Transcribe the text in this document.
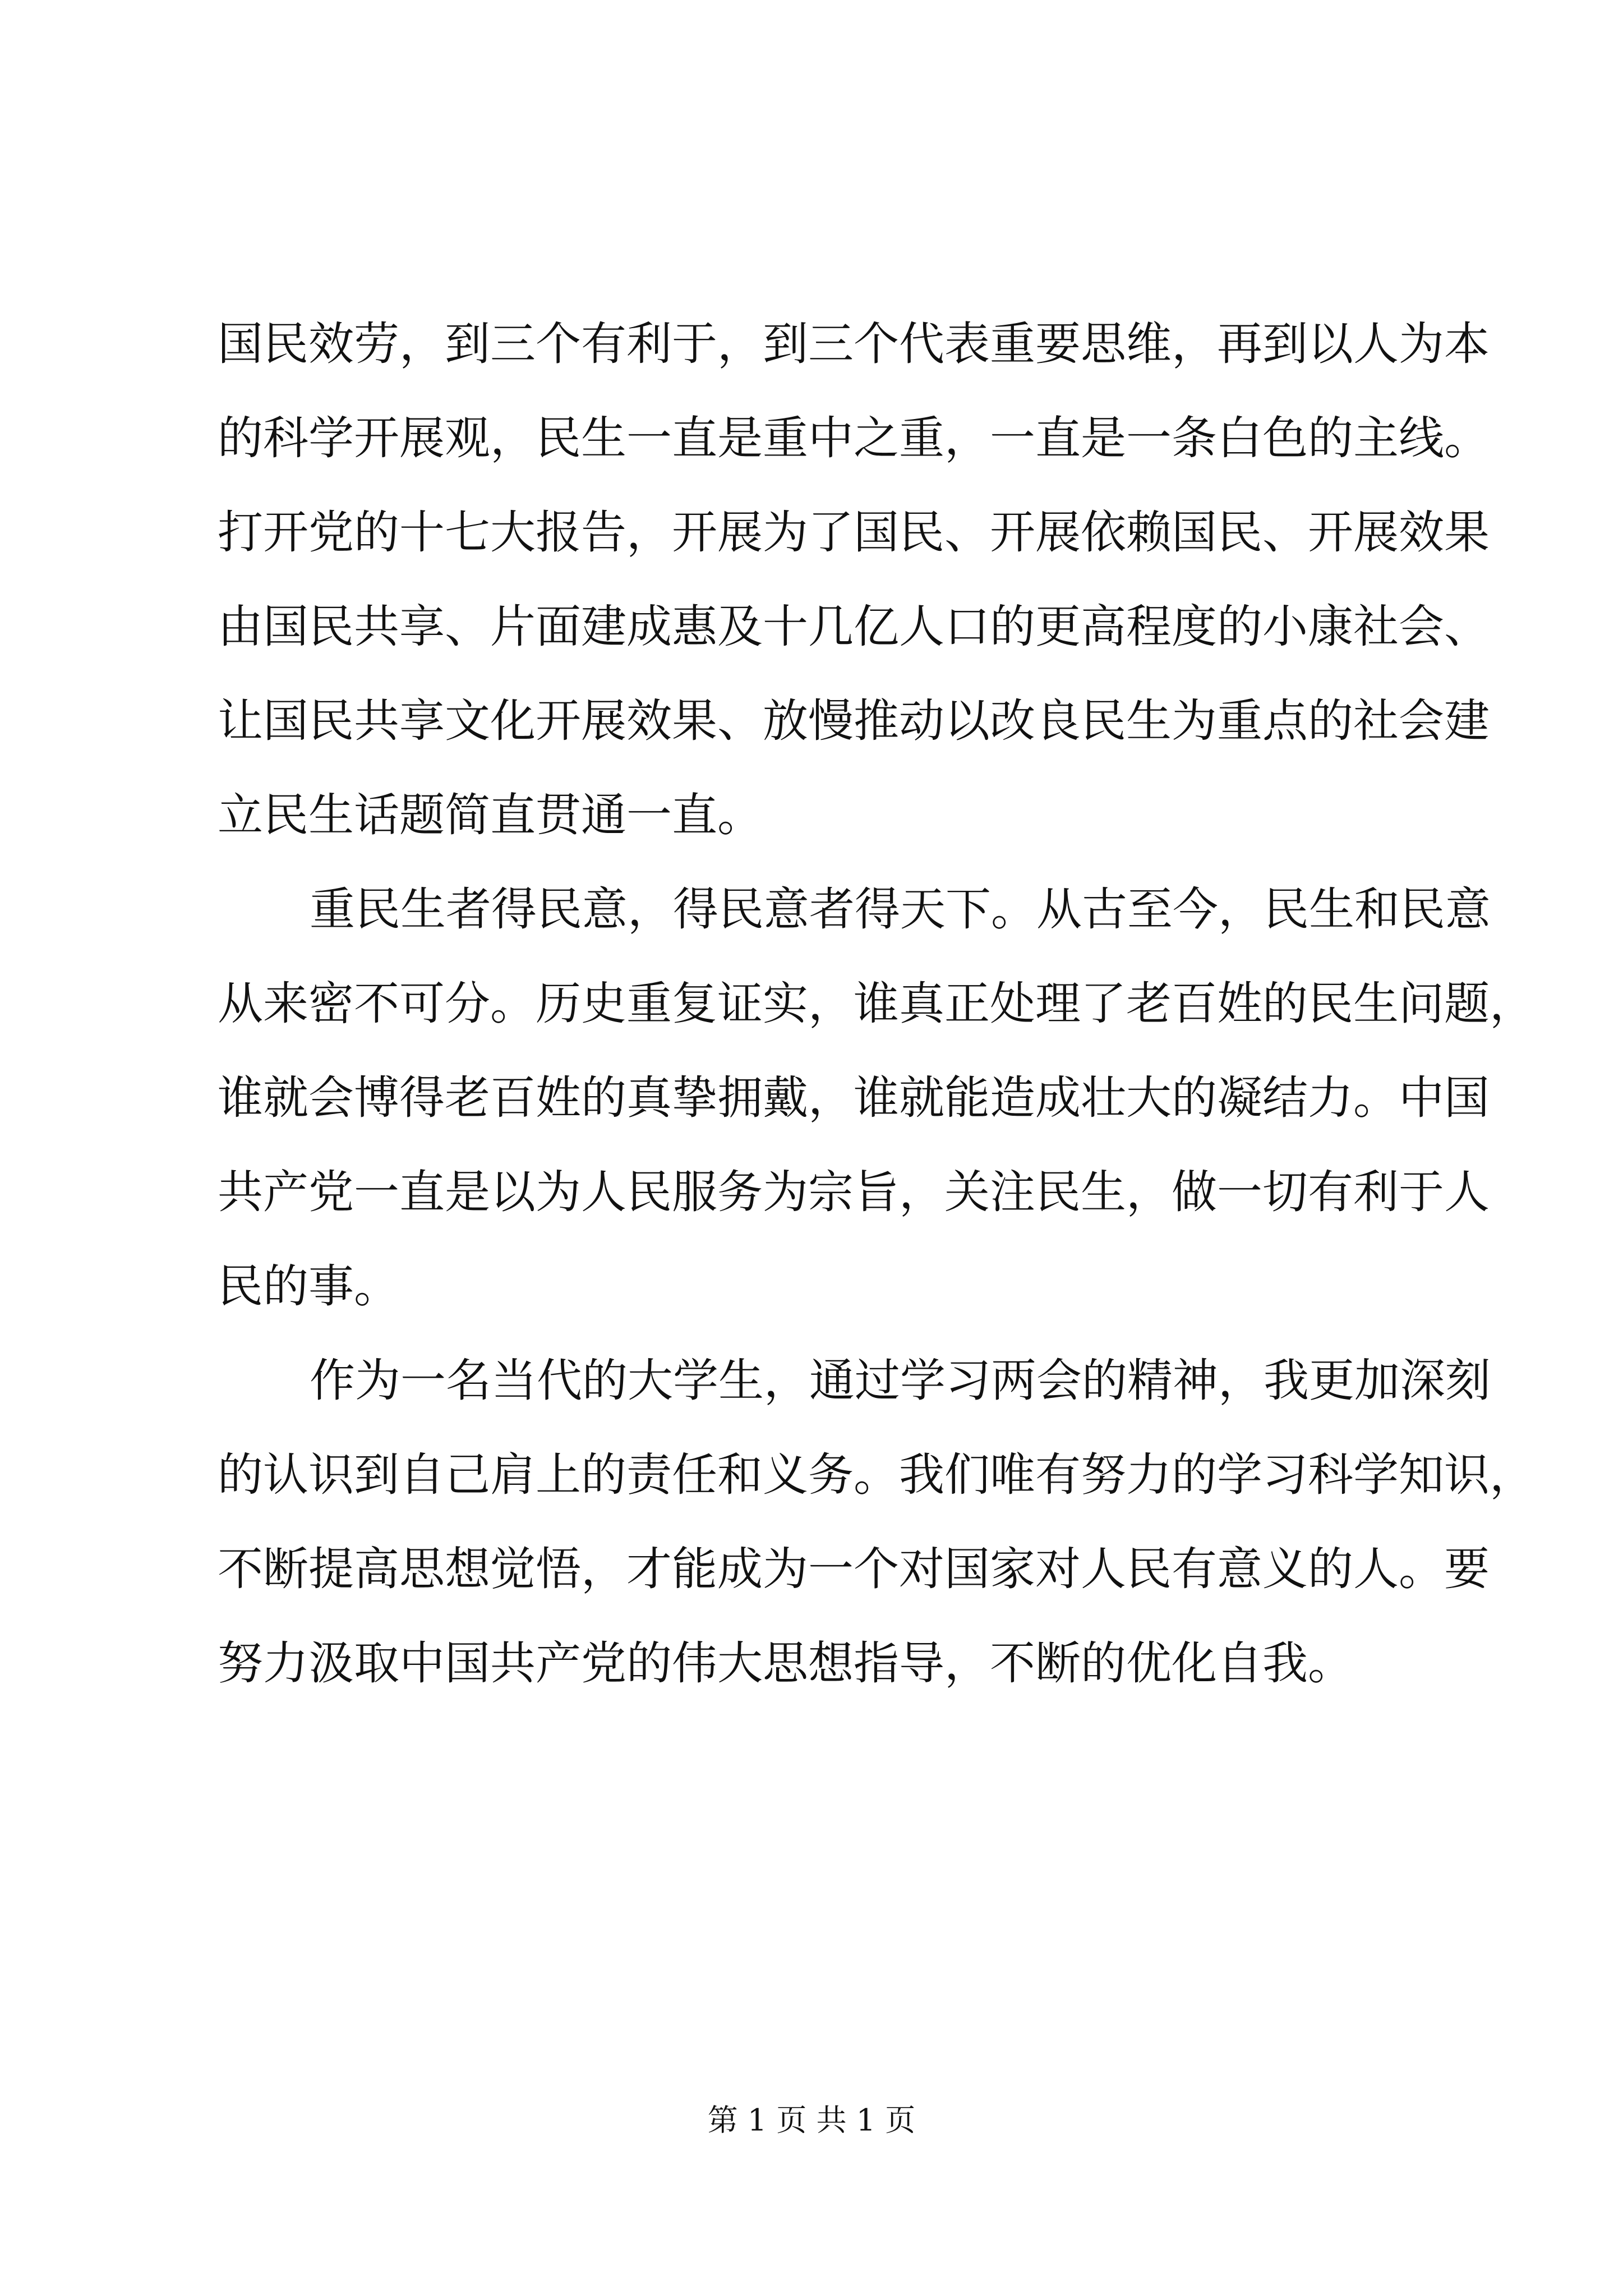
国民效劳，到三个有利于，到三个代表重要思维，再到以人为本
的科学开展观，民生一直是重中之重，一直是一条白色的主线。
打开党的十七大报告，开展为了国民、开展依赖国民、开展效果
由国民共享、片面建成惠及十几亿人口的更高程度的小康社会、
让国民共享文化开展效果、放慢推动以改良民生为重点的社会建
立民生话题简直贯通一直。
重民生者得民意，得民意者得天下。从古至今，民生和民意
从来密不可分。历史重复证实，谁真正处理了老百姓的民生问题，
谁就会博得老百姓的真挚拥戴，谁就能造成壮大的凝结力。中国
共产党一直是以为人民服务为宗旨，关注民生，做一切有利于人
民的事。
作为一名当代的大学生，通过学习两会的精神，我更加深刻
的认识到自己肩上的责任和义务。我们唯有努力的学习科学知识，
不断提高思想觉悟，才能成为一个对国家对人民有意义的人。要
努力汲取中国共产党的伟大思想指导，不断的优化自我。
第 1 页 共 1 页
